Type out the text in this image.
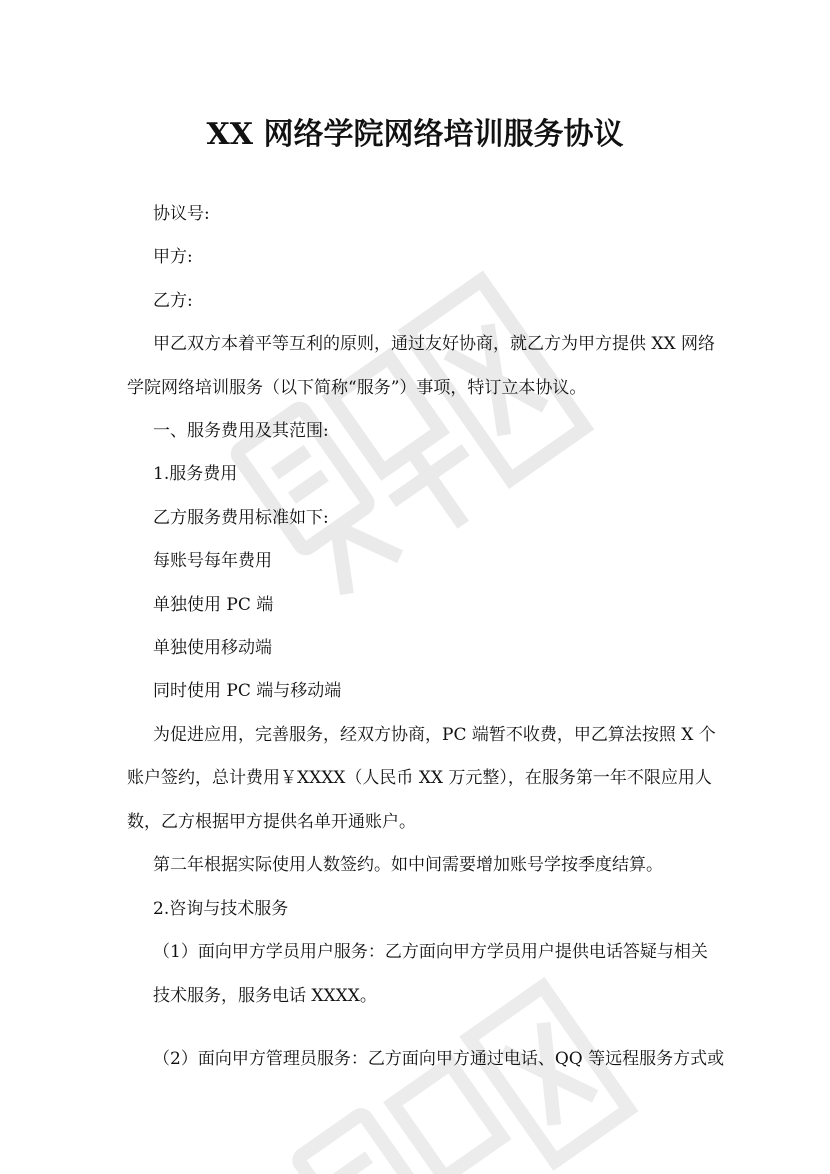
XX 网络学院网络培训服务协议
协议号:
甲方:
乙方:
甲乙双方本着平等互利的原则，通过友好协商，就乙方为甲方提供 XX 网络
学院网络培训服务（以下简称“服务”）事项，特订立本协议。
一、服务费用及其范围:
1.服务费用
乙方服务费用标准如下:
每账号每年费用
单独使用 PC 端
单独使用移动端
同时使用 PC 端与移动端
为促进应用，完善服务，经双方协商，PC 端暂不收费，甲乙算法按照 X 个
账户签约，总计费用￥XXXX（人民币 XX 万元整），在服务第一年不限应用人
数，乙方根据甲方提供名单开通账户。
第二年根据实际使用人数签约。如中间需要增加账号学按季度结算。
2.咨询与技术服务
（1）面向甲方学员用户服务：乙方面向甲方学员用户提供电话答疑与相关
技术服务，服务电话 XXXX。
（2）面向甲方管理员服务：乙方面向甲方通过电话、QQ 等远程服务方式或
